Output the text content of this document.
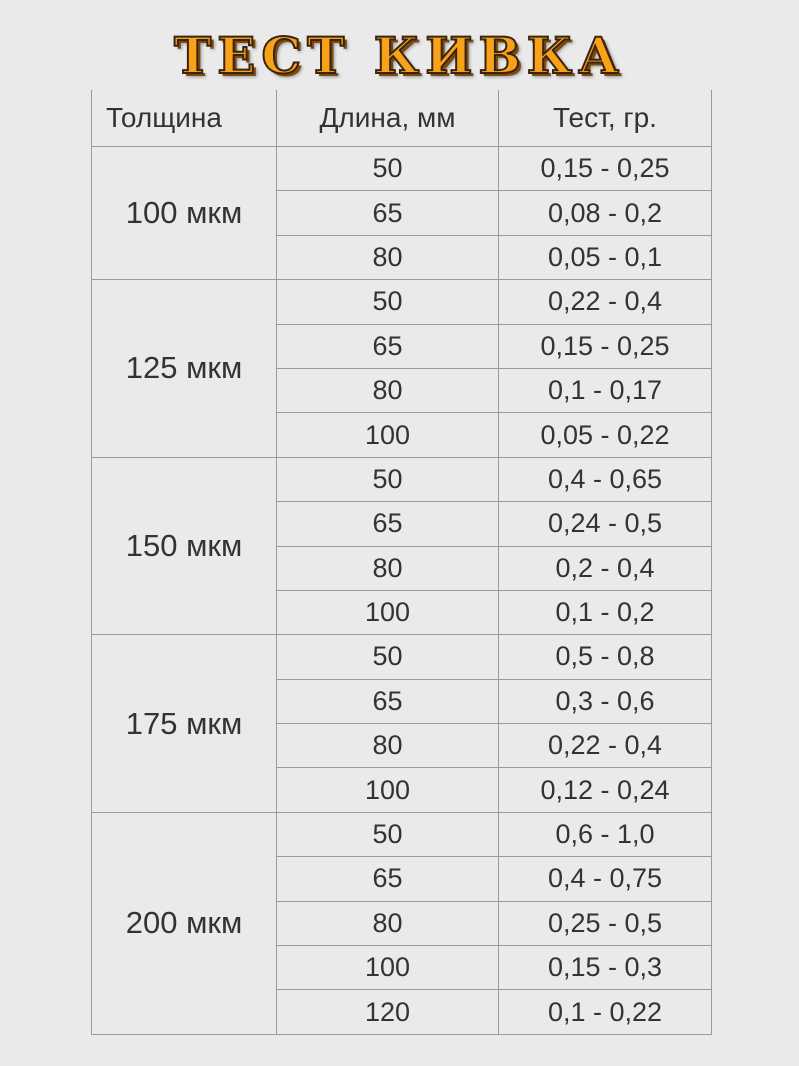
ТЕСТ КИВКА
Толщина	Длина, мм	Тест, гр.
100 мкм	50	0,15 - 0,25
	65	0,08 - 0,2
	80	0,05 - 0,1
125 мкм	50	0,22 - 0,4
	65	0,15 - 0,25
	80	0,1 - 0,17
	100	0,05 - 0,22
150 мкм	50	0,4 - 0,65
	65	0,24 - 0,5
	80	0,2 - 0,4
	100	0,1 - 0,2
175 мкм	50	0,5 - 0,8
	65	0,3 - 0,6
	80	0,22 - 0,4
	100	0,12 - 0,24
200 мкм	50	0,6 - 1,0
	65	0,4 - 0,75
	80	0,25 - 0,5
	100	0,15 - 0,3
	120	0,1 - 0,22
